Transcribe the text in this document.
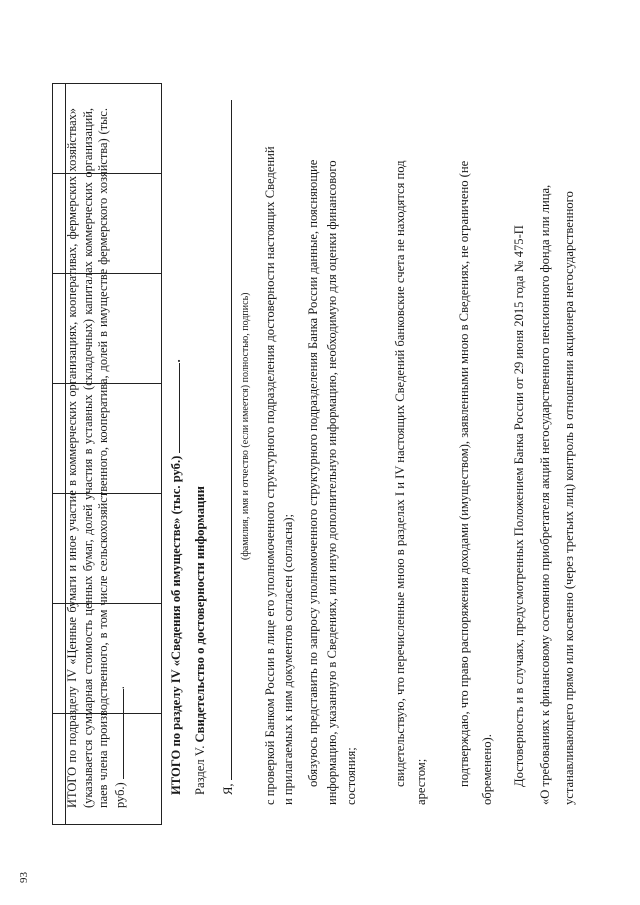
93
ИТОГО по подразделу IV «Ценные бумаги и иное участие в коммерческих организациях, кооперативах, фермерских хозяйствах» (указывается суммарная стоимость ценных бумаг, долей участия в уставных (складочных) капиталах коммерческих организаций, паев члена производственного, в том числе сельскохозяйственного, кооператива, долей в имуществе фермерского хозяйства) (тыс. руб.) .	ИТОГО по разделу IV «Сведения об имуществе» (тыс. руб.) .
Раздел V. Свидетельство о достоверности информации
Я,
(фамилия, имя и отчество (если имеется) полностью, подпись) с проверкой Банком России в лице его уполномоченного структурного подразделения достоверности настоящих Сведений и прилагаемых к ним документов согласен (согласна); обязуюсь представить по запросу уполномоченного структурного подразделения Банка России данные, поясняющие информацию, указанную в Сведениях, или иную дополнительную информацию, необходимую для оценки финансового состояния;	свидетельствую, что перечисленные мною в разделах I и IV настоящих Сведений банковские счета не находятся под арестом; подтверждаю, что право распоряжения доходами (имуществом), заявленными мною в Сведениях, не ограничено (не обременено). Достоверность и в случаях, предусмотренных Положением Банка России от 29 июня 2015 года № 475-П «О требованиях к финансовому состоянию приобретателя акций негосударственного пенсионного фонда или лица, устанавливающего прямо или косвенно (через третьих лиц) контроль в отношении акционера негосударственного
